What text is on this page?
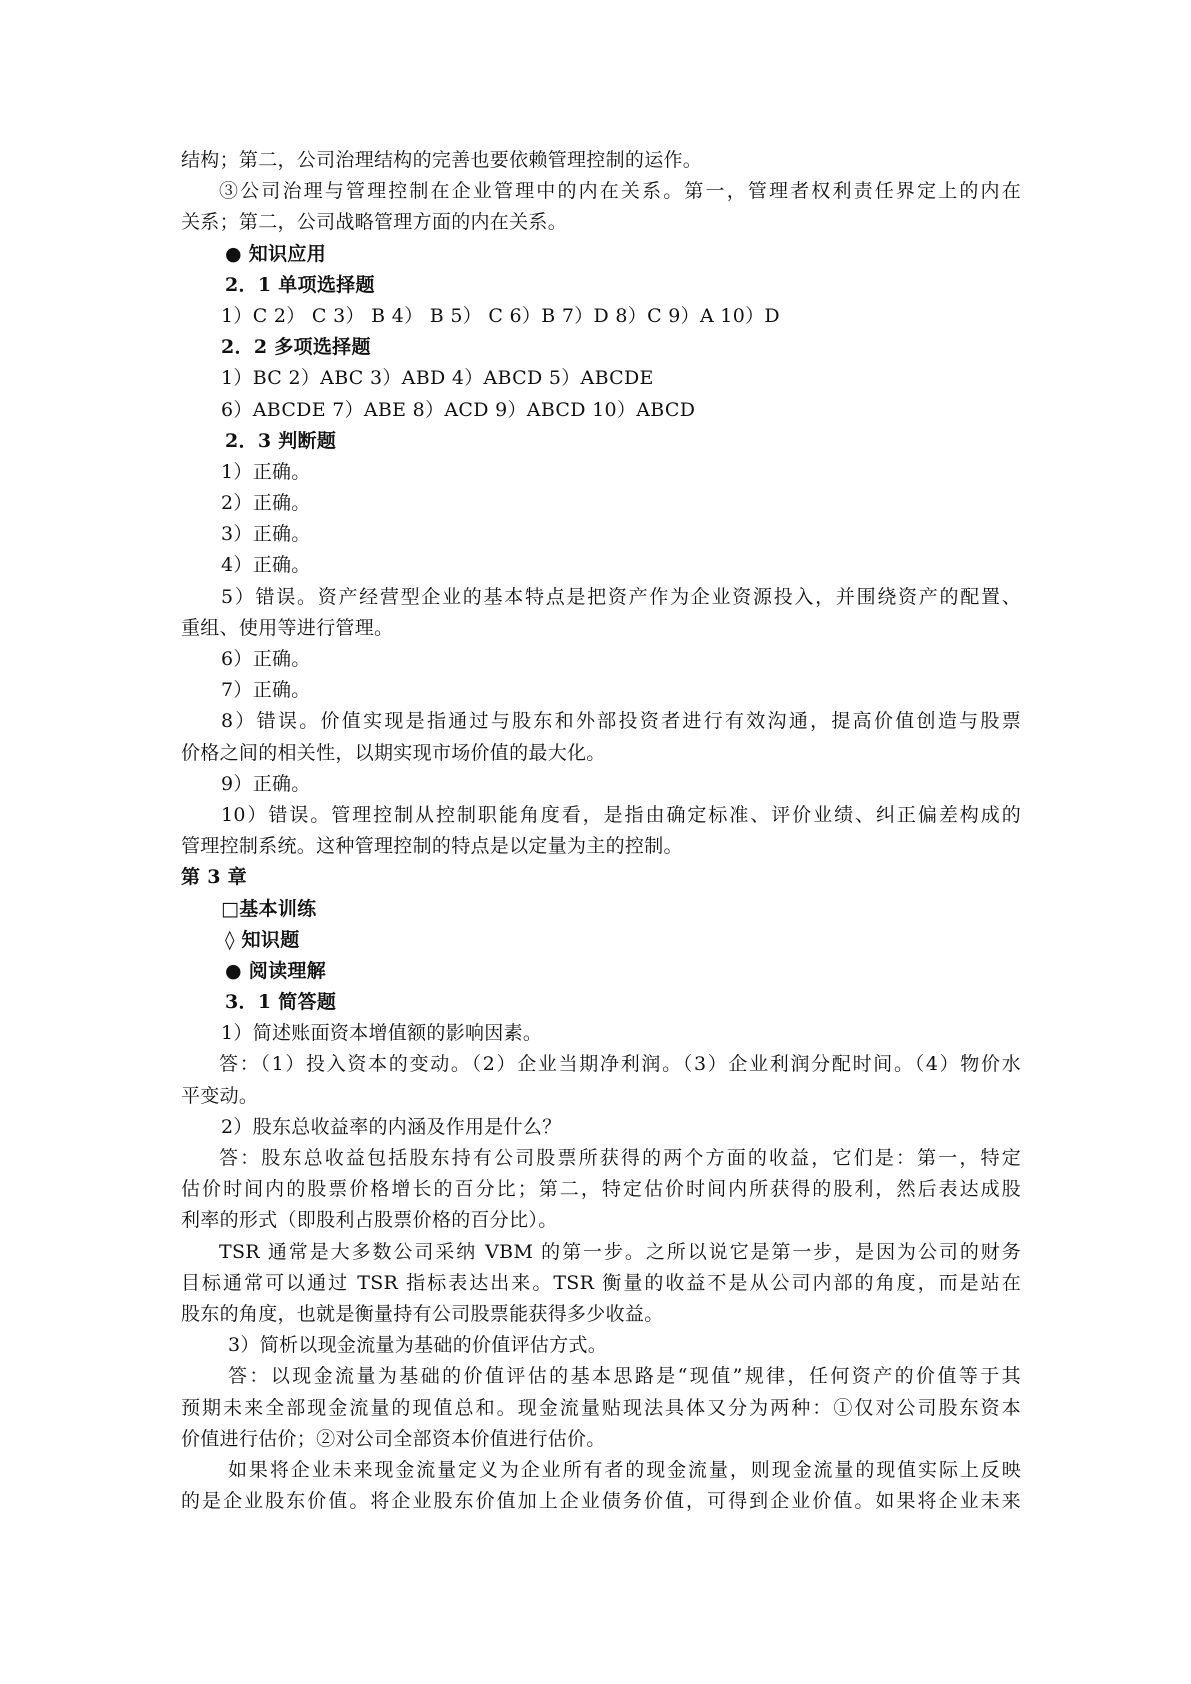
结构；第二，公司治理结构的完善也要依赖管理控制的运作。
③公司治理与管理控制在企业管理中的内在关系。第一，管理者权利责任界定上的内在
关系；第二，公司战略管理方面的内在关系。
● 知识应用
2．1 单项选择题
1）C 2） C 3） B 4） B 5） C 6）B 7）D 8）C 9）A 10）D
2．2 多项选择题
1）BC 2）ABC 3）ABD 4）ABCD 5）ABCDE
6）ABCDE 7）ABE 8）ACD 9）ABCD 10）ABCD
2．3 判断题
1）正确。
2）正确。
3）正确。
4）正确。
5）错误。资产经营型企业的基本特点是把资产作为企业资源投入，并围绕资产的配置、
重组、使用等进行管理。
6）正确。
7）正确。
8）错误。价值实现是指通过与股东和外部投资者进行有效沟通，提高价值创造与股票
价格之间的相关性，以期实现市场价值的最大化。
9）正确。
10）错误。管理控制从控制职能角度看，是指由确定标准、评价业绩、纠正偏差构成的
管理控制系统。这种管理控制的特点是以定量为主的控制。
第 3 章
□基本训练
◊ 知识题
● 阅读理解
3．1 简答题
1）简述账面资本增值额的影响因素。
答：（1）投入资本的变动。（2）企业当期净利润。（3）企业利润分配时间。（4）物价水
平变动。
2）股东总收益率的内涵及作用是什么？
答：股东总收益包括股东持有公司股票所获得的两个方面的收益，它们是：第一，特定
估价时间内的股票价格增长的百分比；第二，特定估价时间内所获得的股利，然后表达成股
利率的形式（即股利占股票价格的百分比）。
TSR 通常是大多数公司采纳 VBM 的第一步。之所以说它是第一步，是因为公司的财务
目标通常可以通过 TSR 指标表达出来。TSR 衡量的收益不是从公司内部的角度，而是站在
股东的角度，也就是衡量持有公司股票能获得多少收益。
3）简析以现金流量为基础的价值评估方式。
答：以现金流量为基础的价值评估的基本思路是“现值”规律，任何资产的价值等于其
预期未来全部现金流量的现值总和。现金流量贴现法具体又分为两种：①仅对公司股东资本
价值进行估价；②对公司全部资本价值进行估价。
如果将企业未来现金流量定义为企业所有者的现金流量，则现金流量的现值实际上反映
的是企业股东价值。将企业股东价值加上企业债务价值，可得到企业价值。如果将企业未来
